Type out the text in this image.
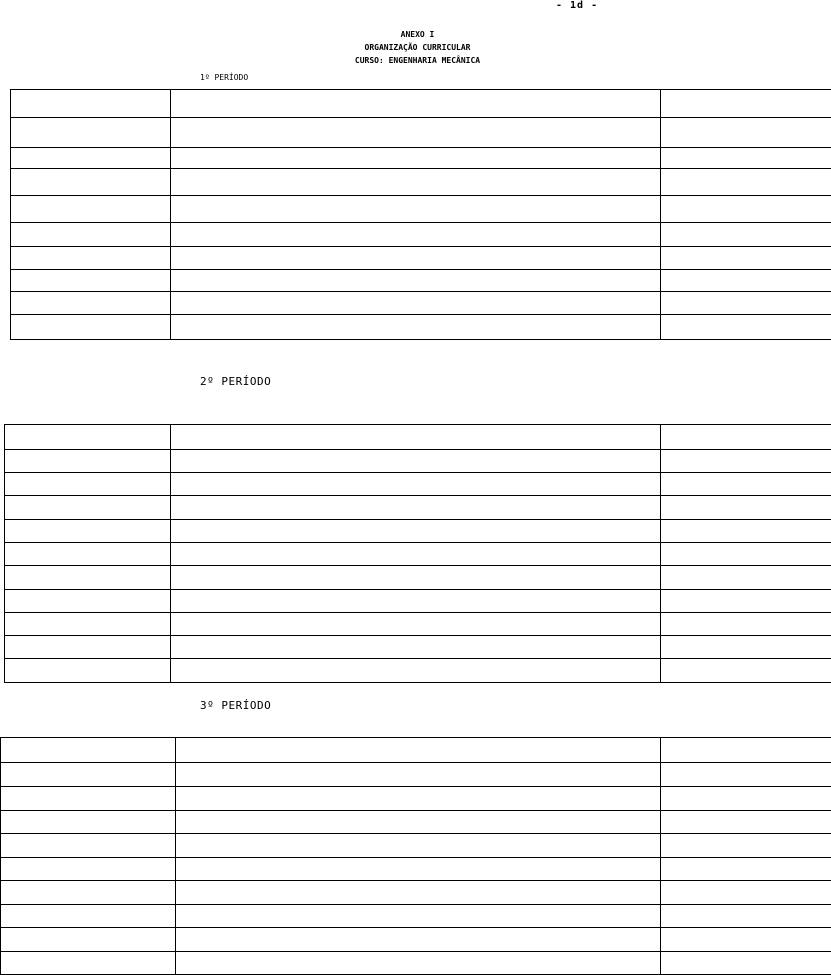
- 1d -
ANEXO I
ORGANIZAÇÃO CURRICULAR
CURSO: ENGENHARIA MECÂNICA
1º PERÍODO

2º PERÍODO

3º PERÍODO
